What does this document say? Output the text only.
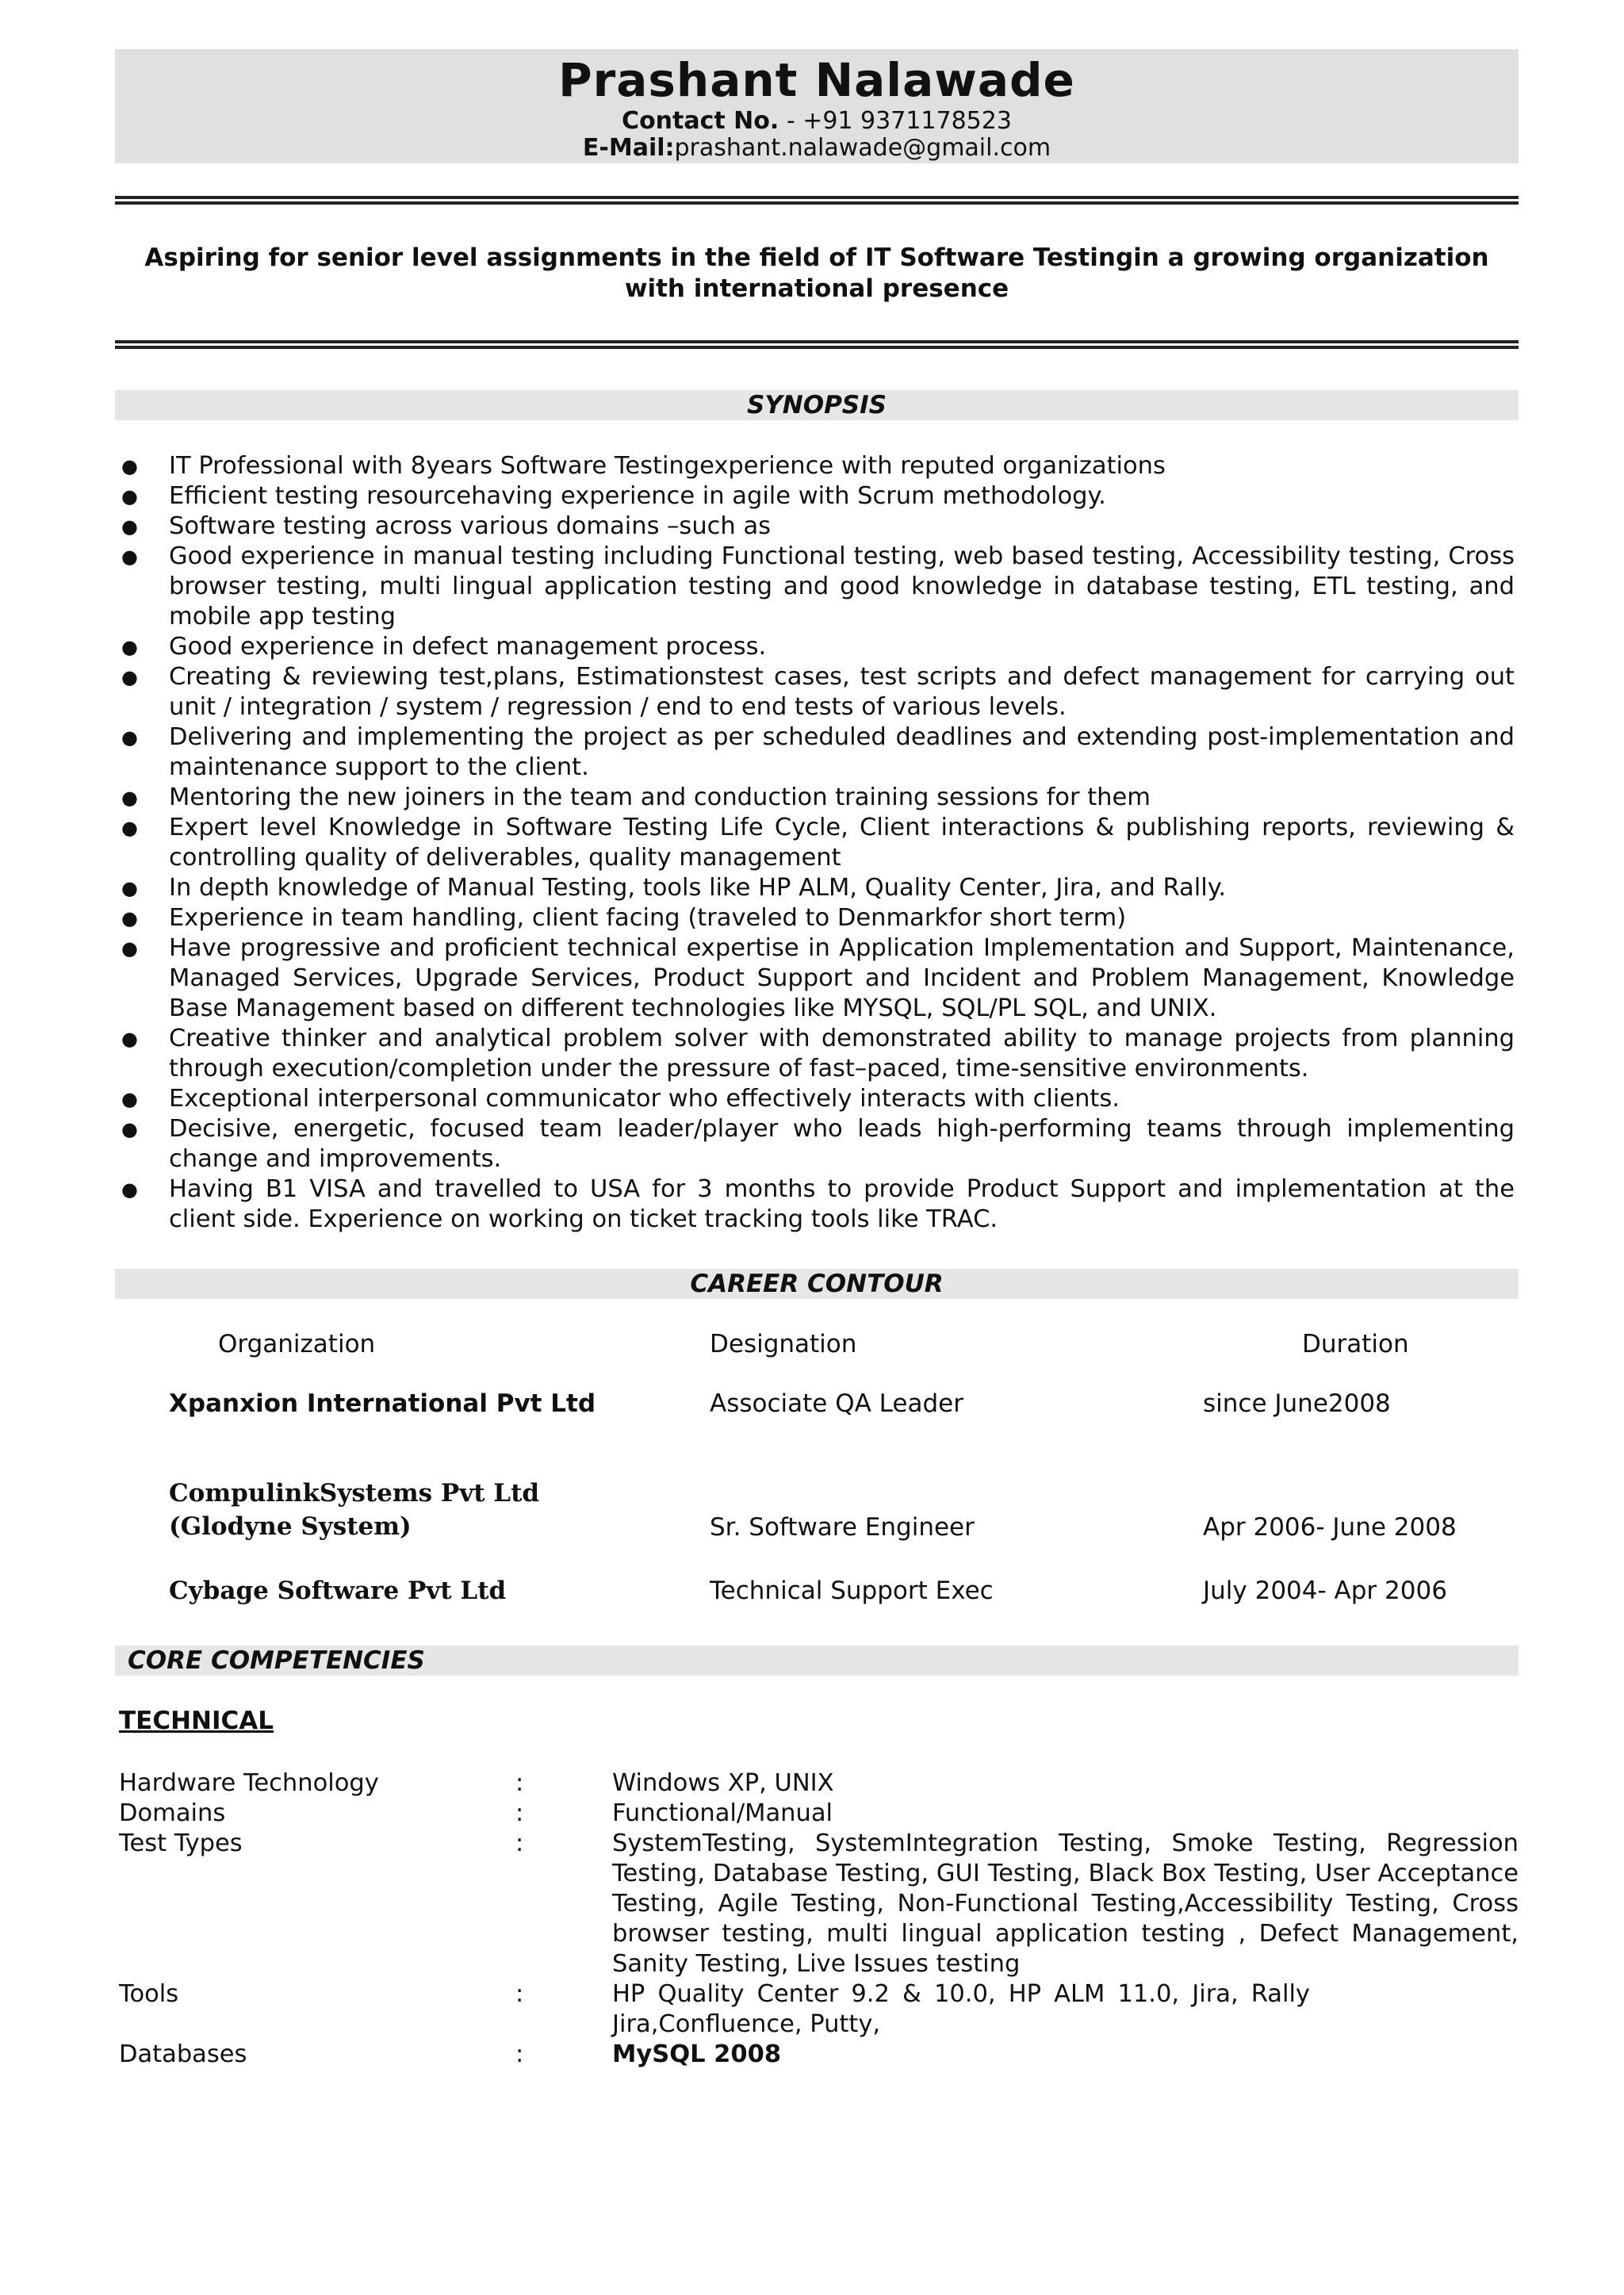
Prashant Nalawade
Contact No. - +91 9371178523
E-Mail:prashant.nalawade@gmail.com
Aspiring for senior level assignments in the field of IT Software Testingin a growing organization with international presence
SYNOPSIS
● IT Professional with 8years Software Testingexperience with reputed organizations
● Efficient testing resourcehaving experience in agile with Scrum methodology.
● Software testing across various domains –such as
● Good experience in manual testing including Functional testing, web based testing, Accessibility testing, Cross browser testing, multi lingual application testing and good knowledge in database testing, ETL testing, and mobile app testing
● Good experience in defect management process.
● Creating & reviewing test,plans, Estimationstest cases, test scripts and defect management for carrying out unit / integration / system / regression / end to end tests of various levels.
● Delivering and implementing the project as per scheduled deadlines and extending post-implementation and maintenance support to the client.
● Mentoring the new joiners in the team and conduction training sessions for them
● Expert level Knowledge in Software Testing Life Cycle, Client interactions & publishing reports, reviewing & controlling quality of deliverables, quality management
● In depth knowledge of Manual Testing, tools like HP ALM, Quality Center, Jira, and Rally.
● Experience in team handling, client facing (traveled to Denmarkfor short term)
● Have progressive and proficient technical expertise in Application Implementation and Support, Maintenance, Managed Services, Upgrade Services, Product Support and Incident and Problem Management, Knowledge Base Management based on different technologies like MYSQL, SQL/PL SQL, and UNIX.
● Creative thinker and analytical problem solver with demonstrated ability to manage projects from planning through execution/completion under the pressure of fast–paced, time-sensitive environments.
● Exceptional interpersonal communicator who effectively interacts with clients.
● Decisive, energetic, focused team leader/player who leads high-performing teams through implementing change and improvements.
● Having B1 VISA and travelled to USA for 3 months to provide Product Support and implementation at the client side. Experience on working on ticket tracking tools like TRAC.
CAREER CONTOUR
Organization	Designation	Duration
Xpanxion International Pvt Ltd	Associate QA Leader	since June2008
CompulinkSystems Pvt Ltd
(Glodyne System)	Sr. Software Engineer	Apr 2006- June 2008
Cybage Software Pvt Ltd	Technical Support Exec	July 2004- Apr 2006
CORE COMPETENCIES
TECHNICAL
Hardware Technology	:	Windows XP, UNIX
Domains	:	Functional/Manual
Test Types	:	SystemTesting, SystemIntegration Testing, Smoke Testing, Regression Testing, Database Testing, GUI Testing, Black Box Testing, User Acceptance Testing, Agile Testing, Non-Functional Testing,Accessibility Testing, Cross browser testing, multi lingual application testing , Defect Management, Sanity Testing, Live Issues testing
Tools	:	HP Quality Center 9.2 & 10.0, HP ALM 11.0, Jira, Rally Jira,Confluence, Putty,
Databases	:	MySQL 2008
